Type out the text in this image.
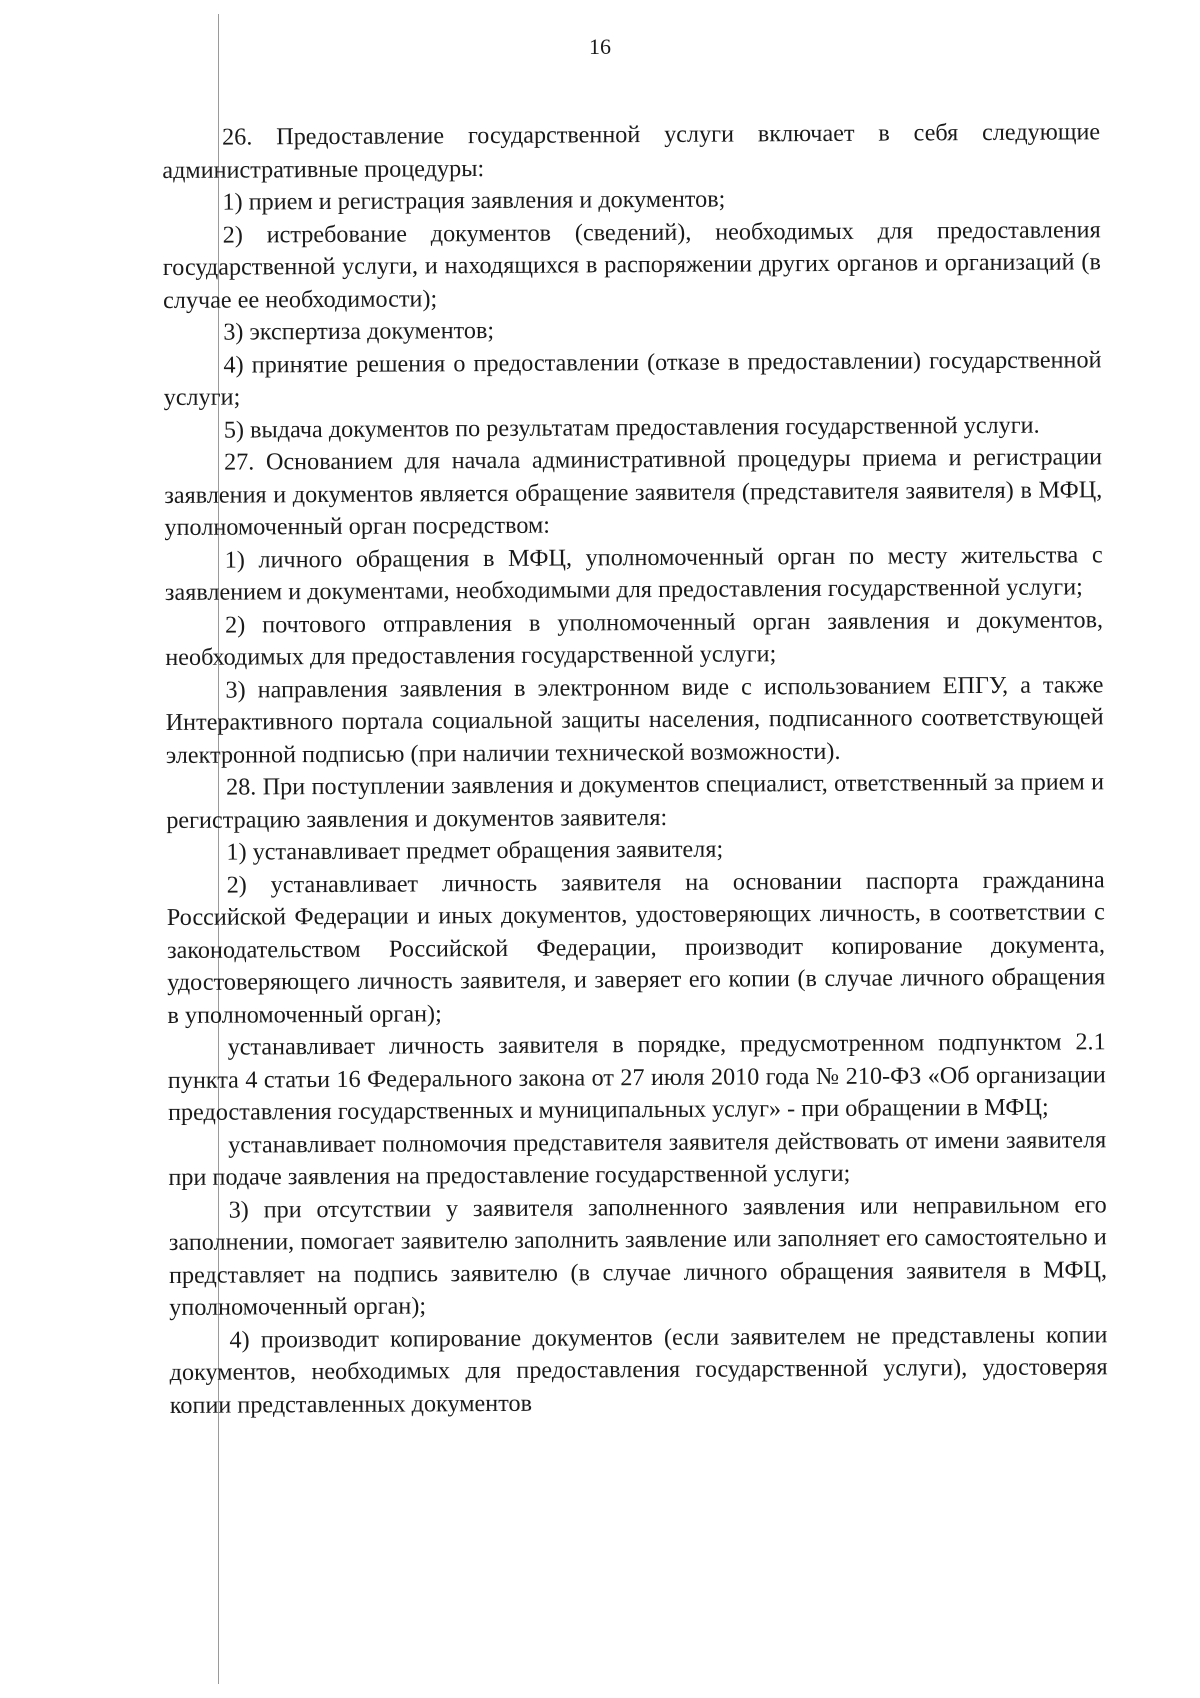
16

26. Предоставление государственной услуги включает в себя следующие административные процедуры:

1) прием и регистрация заявления и документов;

2) истребование документов (сведений), необходимых для предоставления государственной услуги, и находящихся в распоряжении других органов и организаций (в случае ее необходимости);

3) экспертиза документов;

4) принятие решения о предоставлении (отказе в предоставлении) государственной услуги;

5) выдача документов по результатам предоставления государственной услуги.

27. Основанием для начала административной процедуры приема и регистрации заявления и документов является обращение заявителя (представителя заявителя) в МФЦ, уполномоченный орган посредством:

1) личного обращения в МФЦ, уполномоченный орган по месту жительства с заявлением и документами, необходимыми для предоставления государственной услуги;

2) почтового отправления в уполномоченный орган заявления и документов, необходимых для предоставления государственной услуги;

3) направления заявления в электронном виде с использованием ЕПГУ, а также Интерактивного портала социальной защиты населения, подписанного соответствующей электронной подписью (при наличии технической возможности).

28. При поступлении заявления и документов специалист, ответственный за прием и регистрацию заявления и документов заявителя:

1) устанавливает предмет обращения заявителя;

2) устанавливает личность заявителя на основании паспорта гражданина Российской Федерации и иных документов, удостоверяющих личность, в соответствии с законодательством Российской Федерации, производит копирование документа, удостоверяющего личность заявителя, и заверяет его копии (в случае личного обращения в уполномоченный орган);

устанавливает личность заявителя в порядке, предусмотренном подпунктом 2.1 пункта 4 статьи 16 Федерального закона от 27 июля 2010 года № 210-ФЗ «Об организации предоставления государственных и муниципальных услуг» - при обращении в МФЦ;

устанавливает полномочия представителя заявителя действовать от имени заявителя при подаче заявления на предоставление государственной услуги;

3) при отсутствии у заявителя заполненного заявления или неправильном его заполнении, помогает заявителю заполнить заявление или заполняет его самостоятельно и представляет на подпись заявителю (в случае личного обращения заявителя в МФЦ, уполномоченный орган);

4) производит копирование документов (если заявителем не представлены копии документов, необходимых для предоставления государственной услуги), удостоверяя копии представленных документов
